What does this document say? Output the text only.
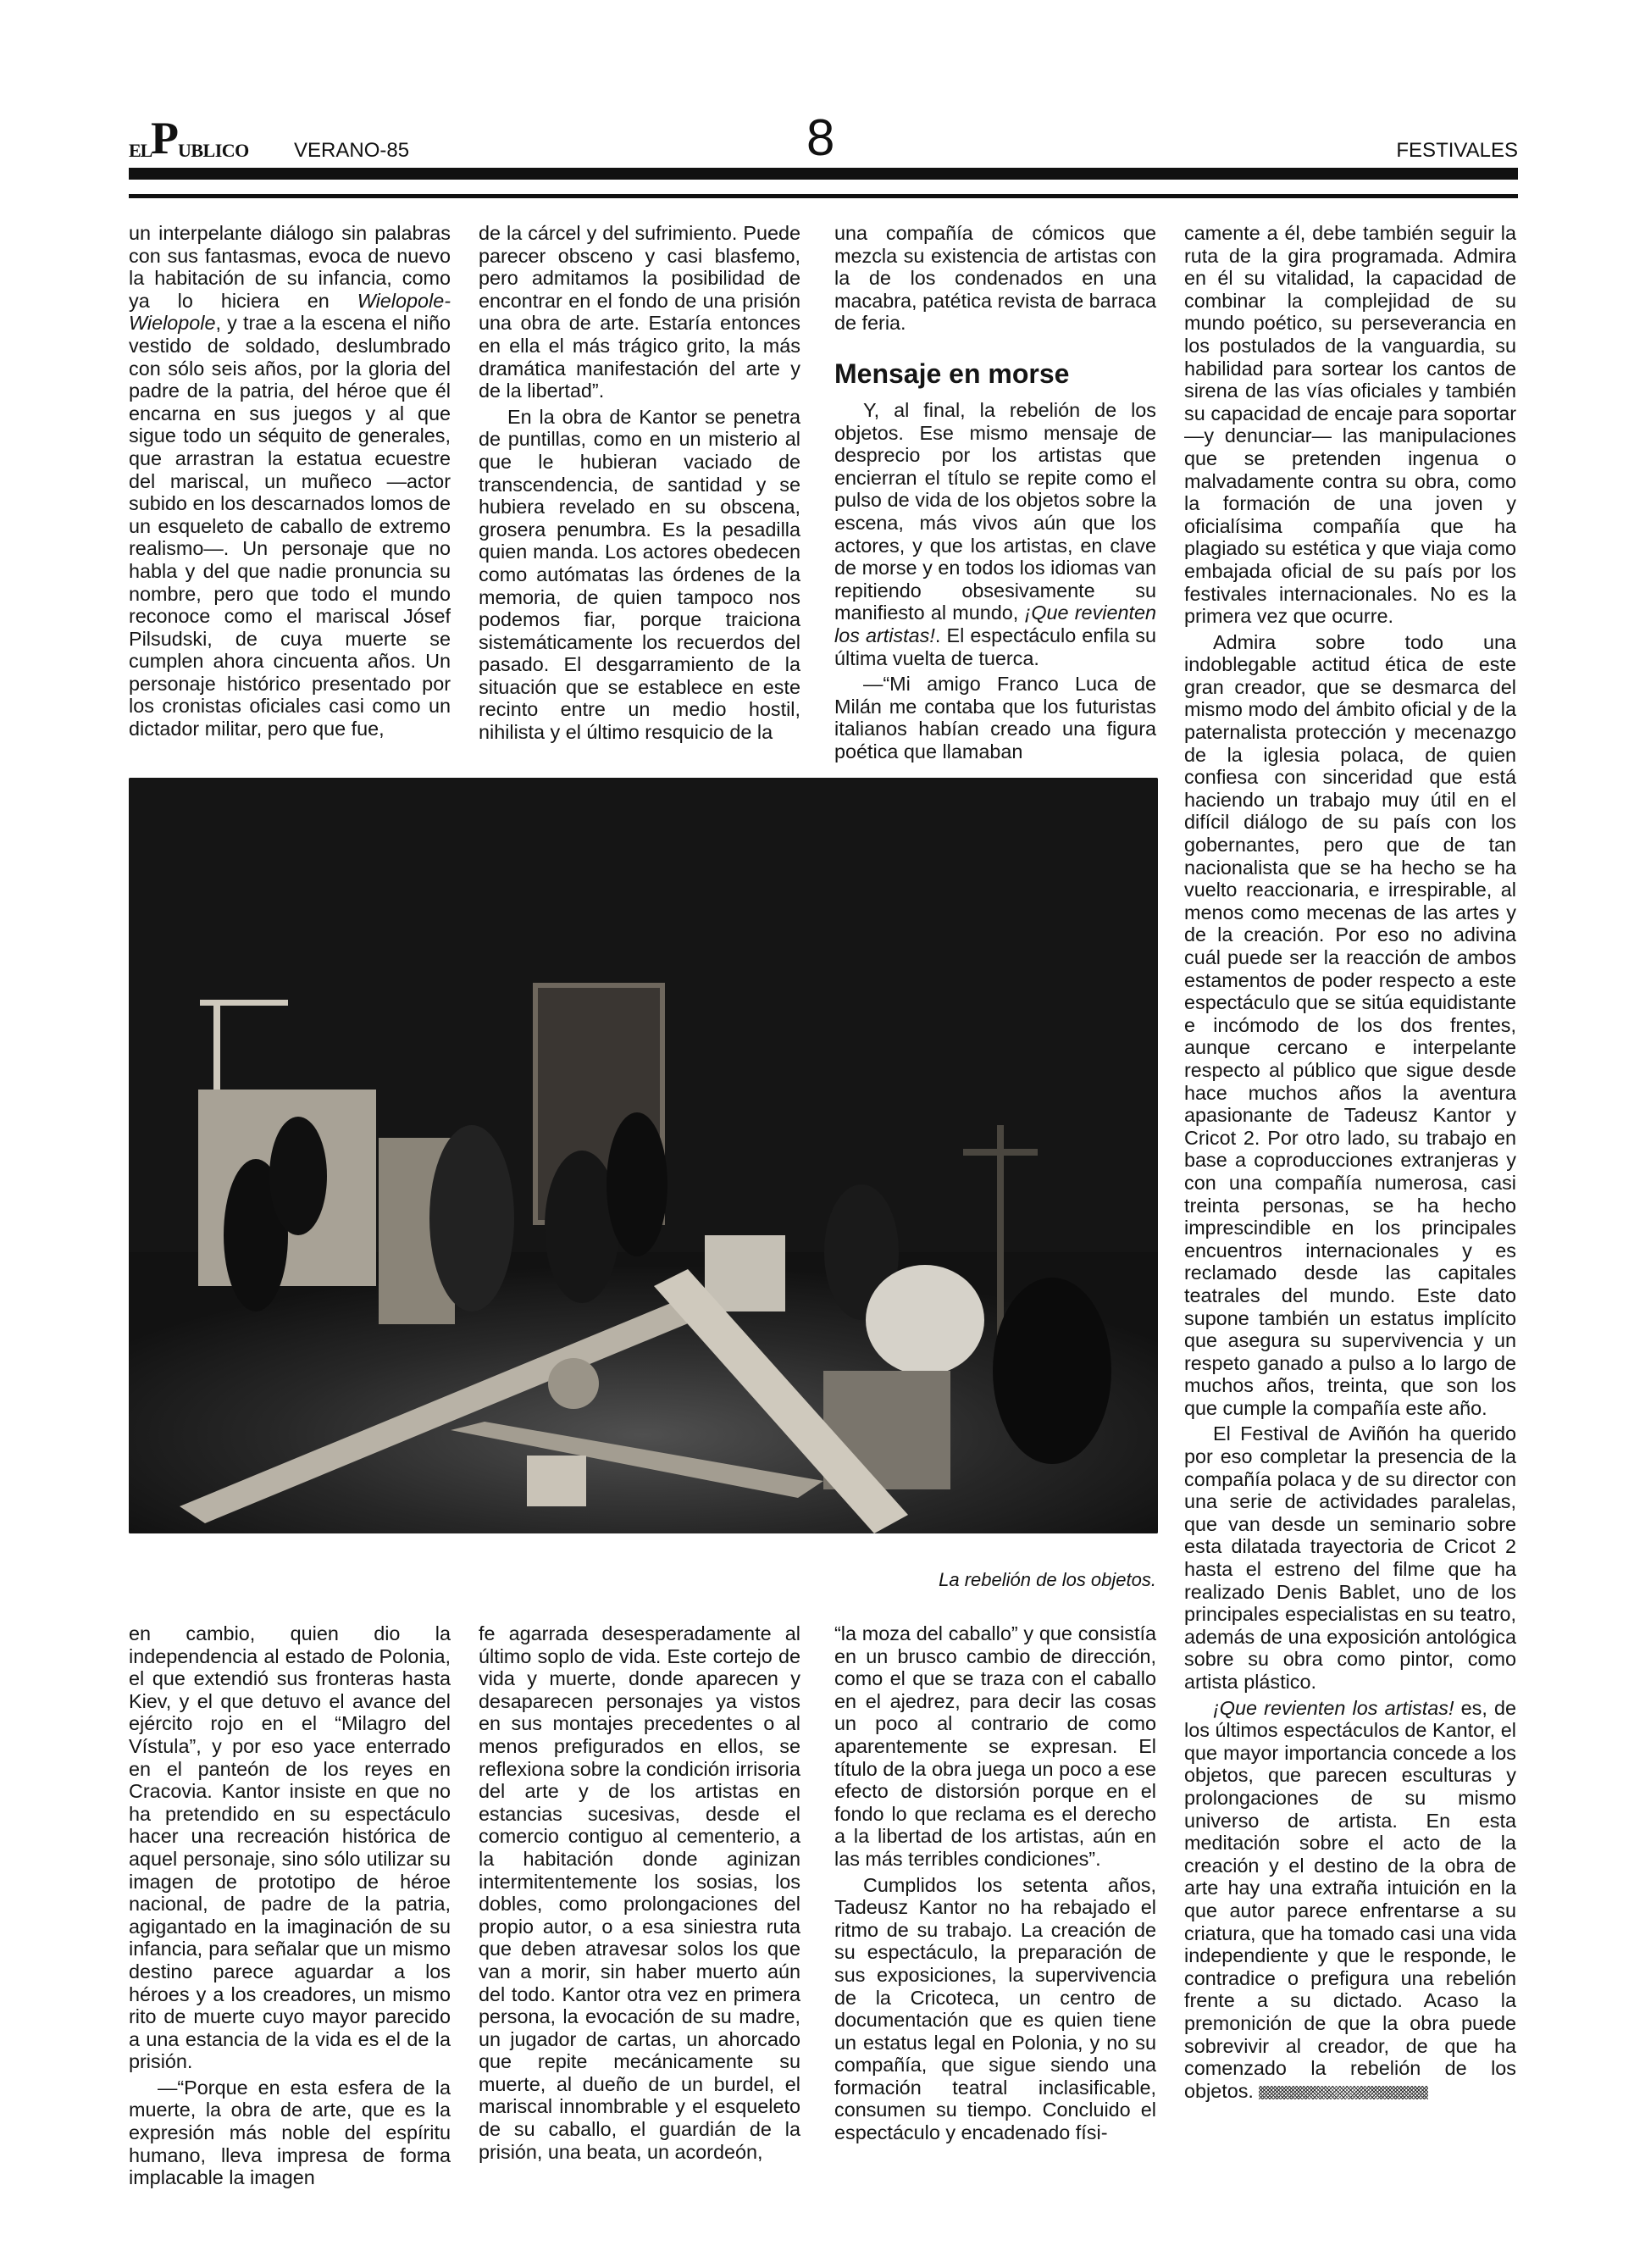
EL
P UBLICO VERANO-85	8	FESTIVALES

un interpelante diálogo sin palabras con sus fantasmas, evoca de nuevo la habitación de su infancia, como ya lo hiciera en Wielopole-Wielopole, y trae a la escena el niño vestido de soldado, deslumbrado con sólo seis años, por la gloria del padre de la patria, del héroe que él encarna en sus juegos y al que sigue todo un séquito de generales, que arrastran la estatua ecuestre del mariscal, un muñeco —actor subido en los descarnados lomos de un esqueleto de caballo de extremo realismo—. Un personaje que no habla y del que nadie pronuncia su nombre, pero que todo el mundo reconoce como el mariscal Jósef Pilsudski, de cuya muerte se cumplen ahora cincuenta años. Un personaje histórico presentado por los cronistas oficiales casi como un dictador militar, pero que fue,

de la cárcel y del sufrimiento. Puede parecer obsceno y casi blasfemo, pero admitamos la posibilidad de encontrar en el fondo de una prisión una obra de arte. Estaría entonces en ella el más trágico grito, la más dramática manifestación del arte y de la libertad”.

En la obra de Kantor se penetra de puntillas, como en un misterio al que le hubieran vaciado de transcendencia, de santidad y se hubiera revelado en su obscena, grosera penumbra. Es la pesadilla quien manda. Los actores obedecen como autómatas las órdenes de la memoria, de quien tampoco nos podemos fiar, porque traiciona sistemáticamente los recuerdos del pasado. El desgarramiento de la situación que se establece en este recinto entre un medio hostil, nihilista y el último resquicio de la

una compañía de cómicos que mezcla su existencia de artistas con la de los condenados en una macabra, patética revista de barraca de feria.

Mensaje en morse

Y, al final, la rebelión de los objetos. Ese mismo mensaje de desprecio por los artistas que encierran el título se repite como el pulso de vida de los objetos sobre la escena, más vivos aún que los actores, y que los artistas, en clave de morse y en todos los idiomas van repitiendo obsesivamente su manifiesto al mundo, ¡Que revienten los artistas!. El espectáculo enfila su última vuelta de tuerca.

—“Mi amigo Franco Luca de Milán me contaba que los futuristas italianos habían creado una figura poética que llamaban

camente a él, debe también seguir la ruta de la gira programada. Admira en él su vitalidad, la capacidad de combinar la complejidad de su mundo poético, su perseverancia en los postulados de la vanguardia, su habilidad para sortear los cantos de sirena de las vías oficiales y también su capacidad de encaje para soportar —y denunciar— las manipulaciones que se pretenden ingenua o malvadamente contra su obra, como la formación de una joven y oficialísima compañía que ha plagiado su estética y que viaja como embajada oficial de su país por los festivales internacionales. No es la primera vez que ocurre.

Admira sobre todo una indoblegable actitud ética de este gran creador, que se desmarca del mismo modo del ámbito oficial y de la paternalista protección y mecenazgo de la iglesia polaca, de quien confiesa con sinceridad que está haciendo un trabajo muy útil en el difícil diálogo de su país con los gobernantes, pero que de tan nacionalista que se ha hecho se ha vuelto reaccionaria, e irrespirable, al menos como mecenas de las artes y de la creación. Por eso no adivina cuál puede ser la reacción de ambos estamentos de poder respecto a este espectáculo que se sitúa equidistante e incómodo de los dos frentes, aunque cercano e interpelante respecto al público que sigue desde hace muchos años la aventura apasionante de Tadeusz Kantor y Cricot 2. Por otro lado, su trabajo en base a coproducciones extranjeras y con una compañía numerosa, casi treinta personas, se ha hecho imprescindible en los principales encuentros internacionales y es reclamado desde las capitales teatrales del mundo. Este dato supone también un estatus implícito que asegura su supervivencia y un respeto ganado a pulso a lo largo de muchos años, treinta, que son los que cumple la compañía este año.

El Festival de Aviñón ha querido por eso completar la presencia de la compañía polaca y de su director con una serie de actividades paralelas, que van desde un seminario sobre esta dilatada trayectoria de Cricot 2 hasta el estreno del filme que ha realizado Denis Bablet, uno de los principales especialistas en su teatro, además de una exposición antológica sobre su obra como pintor, como artista plástico.

¡Que revienten los artistas! es, de los últimos espectáculos de Kantor, el que mayor importancia concede a los objetos, que parecen esculturas y prolongaciones de su mismo universo de artista. En esta meditación sobre el acto de la creación y el destino de la obra de arte hay una extraña intuición en la que autor parece enfrentarse a su criatura, que ha tomado casi una vida independiente y que le responde, le contradice o prefigura una rebelión frente a su dictado. Acaso la premonición de que la obra puede sobrevivir al creador, de que ha comenzado la rebelión de los objetos.

La rebelión de los objetos.

en cambio, quien dio la independencia al estado de Polonia, el que extendió sus fronteras hasta Kiev, y el que detuvo el avance del ejército rojo en el “Milagro del Vístula”, y por eso yace enterrado en el panteón de los reyes en Cracovia. Kantor insiste en que no ha pretendido en su espectáculo hacer una recreación histórica de aquel personaje, sino sólo utilizar su imagen de prototipo de héroe nacional, de padre de la patria, agigantado en la imaginación de su infancia, para señalar que un mismo destino parece aguardar a los héroes y a los creadores, un mismo rito de muerte cuyo mayor parecido a una estancia de la vida es el de la prisión.

—“Porque en esta esfera de la muerte, la obra de arte, que es la expresión más noble del espíritu humano, lleva impresa de forma implacable la imagen

fe agarrada desesperadamente al último soplo de vida. Este cortejo de vida y muerte, donde aparecen y desaparecen personajes ya vistos en sus montajes precedentes o al menos prefigurados en ellos, se reflexiona sobre la condición irrisoria del arte y de los artistas en estancias sucesivas, desde el comercio contiguo al cementerio, a la habitación donde aginizan intermitentemente los sosias, los dobles, como prolongaciones del propio autor, o a esa siniestra ruta que deben atravesar solos los que van a morir, sin haber muerto aún del todo. Kantor otra vez en primera persona, la evocación de su madre, un jugador de cartas, un ahorcado que repite mecánicamente su muerte, al dueño de un burdel, el mariscal innombrable y el esqueleto de su caballo, el guardián de la prisión, una beata, un acordeón,

“la moza del caballo” y que consistía en un brusco cambio de dirección, como el que se traza con el caballo en el ajedrez, para decir las cosas un poco al contrario de como aparentemente se expresan. El título de la obra juega un poco a ese efecto de distorsión porque en el fondo lo que reclama es el derecho a la libertad de los artistas, aún en las más terribles condiciones”.

Cumplidos los setenta años, Tadeusz Kantor no ha rebajado el ritmo de su trabajo. La creación de su espectáculo, la preparación de sus exposiciones, la supervivencia de la Cricoteca, un centro de documentación que es quien tiene un estatus legal en Polonia, y no su compañía, que sigue siendo una formación teatral inclasificable, consumen su tiempo. Concluido el espectáculo y encadenado físi-
